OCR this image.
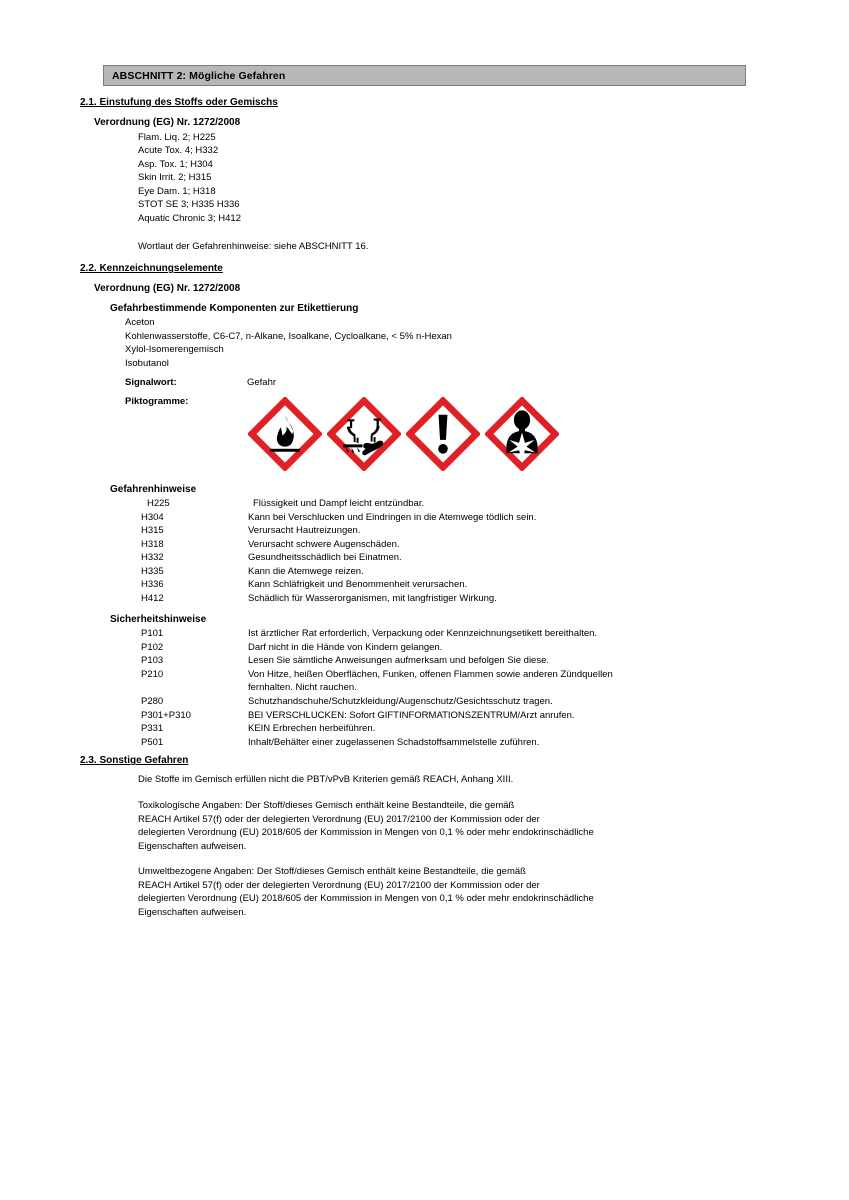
ABSCHNITT 2: Mögliche Gefahren
2.1. Einstufung des Stoffs oder Gemischs
Verordnung (EG) Nr. 1272/2008
Flam. Liq. 2; H225
Acute Tox. 4; H332
Asp. Tox. 1; H304
Skin Irrit. 2; H315
Eye Dam. 1; H318
STOT SE 3; H335 H336
Aquatic Chronic 3; H412
Wortlaut der Gefahrenhinweise: siehe ABSCHNITT 16.
2.2. Kennzeichnungselemente
Verordnung (EG) Nr. 1272/2008
Gefahrbestimmende Komponenten zur Etikettierung
Aceton
Kohlenwasserstoffe, C6-C7, n-Alkane, Isoalkane, Cycloalkane, < 5% n-Hexan
Xylol-Isomerengemisch
Isobutanol
Signalwort:	Gefahr
Piktogramme:
Gefahrenhinweise
H225	Flüssigkeit und Dampf leicht entzündbar.
H304	Kann bei Verschlucken und Eindringen in die Atemwege tödlich sein.
H315	Verursacht Hautreizungen.
H318	Verursacht schwere Augenschäden.
H332	Gesundheitsschädlich bei Einatmen.
H335	Kann die Atemwege reizen.
H336	Kann Schläfrigkeit und Benommenheit verursachen.
H412	Schädlich für Wasserorganismen, mit langfristiger Wirkung.
Sicherheitshinweise
P101	Ist ärztlicher Rat erforderlich, Verpackung oder Kennzeichnungsetikett bereithalten.
P102	Darf nicht in die Hände von Kindern gelangen.
P103	Lesen Sie sämtliche Anweisungen aufmerksam und befolgen Sie diese.
P210	Von Hitze, heißen Oberflächen, Funken, offenen Flammen sowie anderen Zündquellen
fernhalten. Nicht rauchen.
P280	Schutzhandschuhe/Schutzkleidung/Augenschutz/Gesichtsschutz tragen.
P301+P310	BEI VERSCHLUCKEN: Sofort GIFTINFORMATIONSZENTRUM/Arzt anrufen.
P331	KEIN Erbrechen herbeiführen.
P501	Inhalt/Behälter einer zugelassenen Schadstoffsammelstelle zuführen.
2.3. Sonstige Gefahren
Die Stoffe im Gemisch erfüllen nicht die PBT/vPvB Kriterien gemäß REACH, Anhang XIII.
Toxikologische Angaben: Der Stoff/dieses Gemisch enthält keine Bestandteile, die gemäß
REACH Artikel 57(f) oder der delegierten Verordnung (EU) 2017/2100 der Kommission oder der
delegierten Verordnung (EU) 2018/605 der Kommission in Mengen von 0,1 % oder mehr endokrinschädliche
Eigenschaften aufweisen.
Umweltbezogene Angaben: Der Stoff/dieses Gemisch enthält keine Bestandteile, die gemäß
REACH Artikel 57(f) oder der delegierten Verordnung (EU) 2017/2100 der Kommission oder der
delegierten Verordnung (EU) 2018/605 der Kommission in Mengen von 0,1 % oder mehr endokrinschädliche
Eigenschaften aufweisen.
